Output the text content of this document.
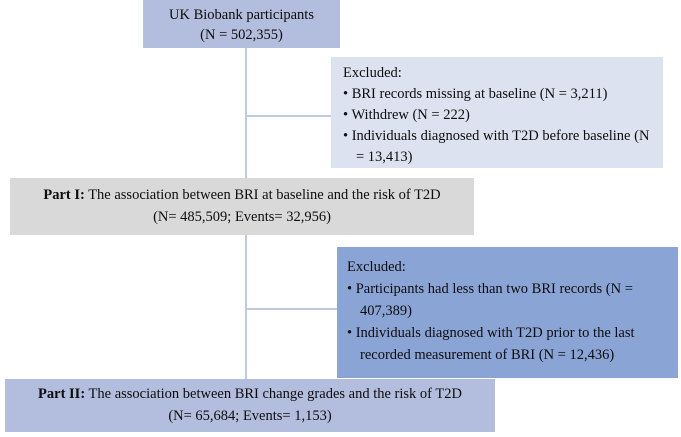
UK Biobank participants
(N = 502,355)
Excluded:
• BRI records missing at baseline (N = 3,211)
• Withdrew (N = 222)
• Individuals diagnosed with T2D before baseline (N = 13,413)
Part I: The association between BRI at baseline and the risk of T2D
(N= 485,509; Events= 32,956)
Excluded:
• Participants had less than two BRI records (N = 407,389)
• Individuals diagnosed with T2D prior to the last recorded measurement of BRI (N = 12,436)
Part II: The association between BRI change grades and the risk of T2D
(N= 65,684; Events= 1,153)
